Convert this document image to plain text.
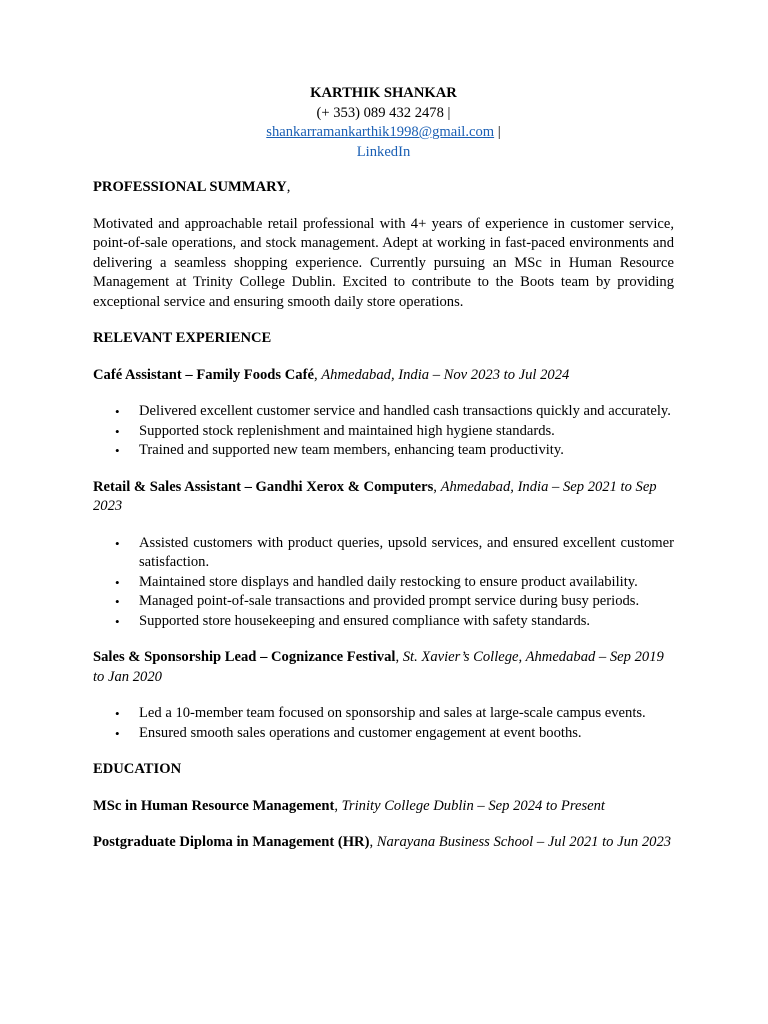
KARTHIK SHANKAR
(+ 353) 089 432 2478 |
shankarramankarthik1998@gmail.com |
LinkedIn
PROFESSIONAL SUMMARY,
Motivated and approachable retail professional with 4+ years of experience in customer service, point-of-sale operations, and stock management. Adept at working in fast-paced environments and delivering a seamless shopping experience. Currently pursuing an MSc in Human Resource Management at Trinity College Dublin. Excited to contribute to the Boots team by providing exceptional service and ensuring smooth daily store operations.
RELEVANT EXPERIENCE
Café Assistant – Family Foods Café, Ahmedabad, India – Nov 2023 to Jul 2024
• Delivered excellent customer service and handled cash transactions quickly and accurately.
• Supported stock replenishment and maintained high hygiene standards.
• Trained and supported new team members, enhancing team productivity.
Retail & Sales Assistant – Gandhi Xerox & Computers, Ahmedabad, India – Sep 2021 to Sep 2023
• Assisted customers with product queries, upsold services, and ensured excellent customer satisfaction.
• Maintained store displays and handled daily restocking to ensure product availability.
• Managed point-of-sale transactions and provided prompt service during busy periods.
• Supported store housekeeping and ensured compliance with safety standards.
Sales & Sponsorship Lead – Cognizance Festival, St. Xavier’s College, Ahmedabad – Sep 2019 to Jan 2020
• Led a 10-member team focused on sponsorship and sales at large-scale campus events.
• Ensured smooth sales operations and customer engagement at event booths.
EDUCATION
MSc in Human Resource Management, Trinity College Dublin – Sep 2024 to Present
Postgraduate Diploma in Management (HR), Narayana Business School – Jul 2021 to Jun 2023
